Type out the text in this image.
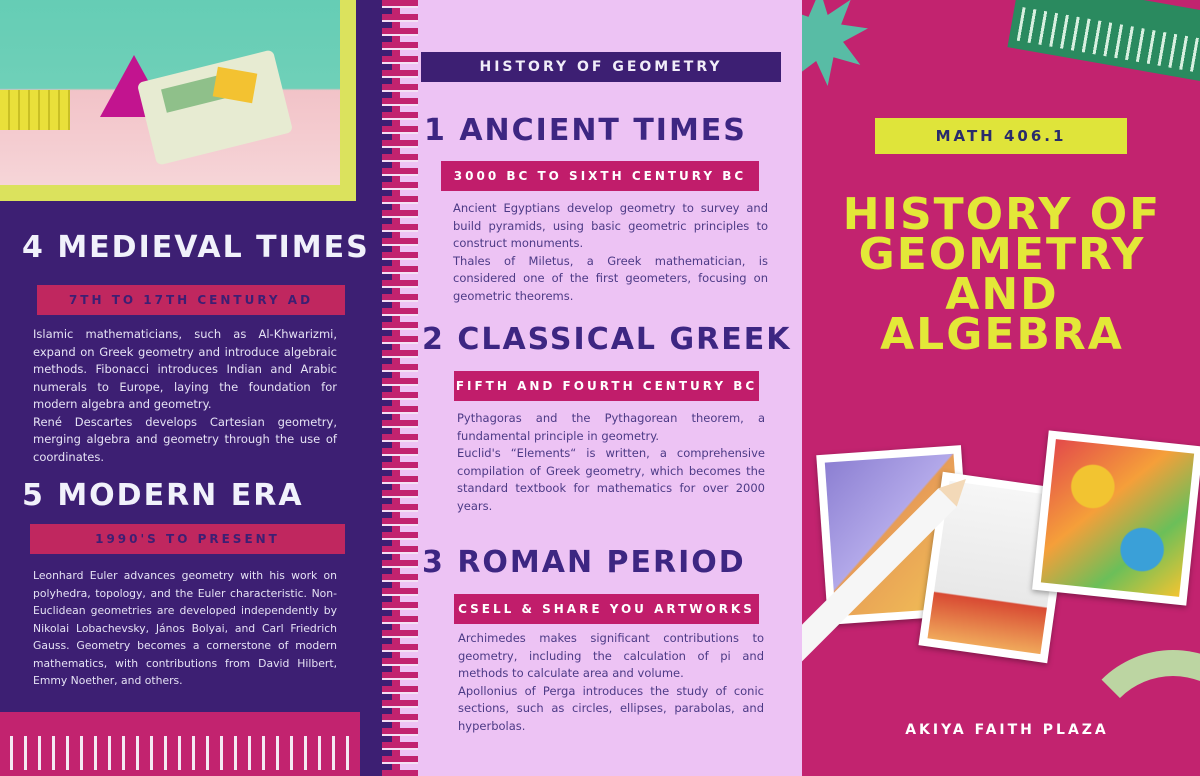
4 MEDIEVAL TIMES
7TH TO 17TH CENTURY AD
Islamic mathematicians, such as Al-Khwarizmi, expand on Greek geometry and introduce algebraic methods. Fibonacci introduces Indian and Arabic numerals to Europe, laying the foundation for modern algebra and geometry.
René Descartes develops Cartesian geometry, merging algebra and geometry through the use of coordinates.
5 MODERN ERA
1990'S TO PRESENT
Leonhard Euler advances geometry with his work on polyhedra, topology, and the Euler characteristic. Non-Euclidean geometries are developed independently by Nikolai Lobachevsky, János Bolyai, and Carl Friedrich Gauss. Geometry becomes a cornerstone of modern mathematics, with contributions from David Hilbert, Emmy Noether, and others.
HISTORY OF GEOMETRY
1 ANCIENT TIMES
3000 BC TO SIXTH CENTURY BC
Ancient Egyptians develop geometry to survey and build pyramids, using basic geometric principles to construct monuments.
Thales of Miletus, a Greek mathematician, is considered one of the first geometers, focusing on geometric theorems.
2 CLASSICAL GREEK
FIFTH AND FOURTH CENTURY BC
Pythagoras and the Pythagorean theorem, a fundamental principle in geometry.
Euclid's “Elements“ is written, a comprehensive compilation of Greek geometry, which becomes the standard textbook for mathematics for over 2000 years.
3 ROMAN PERIOD
CSELL & SHARE YOU ARTWORKS
Archimedes makes significant contributions to geometry, including the calculation of pi and methods to calculate area and volume.
Apollonius of Perga introduces the study of conic sections, such as circles, ellipses, parabolas, and hyperbolas.
MATH 406.1
HISTORY OF GEOMETRY AND ALGEBRA
AKIYA FAITH PLAZA
